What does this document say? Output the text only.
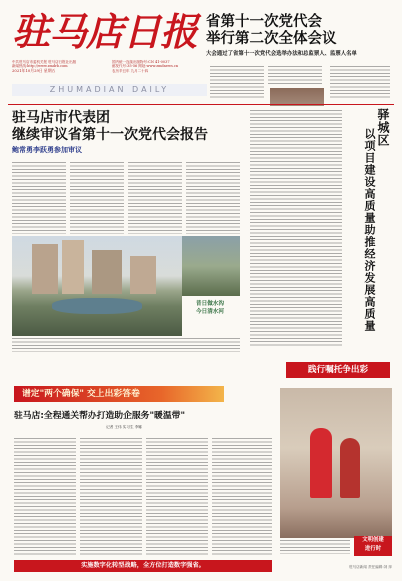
驻马店日报
中共驻马店市委机关报 驻马店日报社出版	国内统一连续出版物号:CN 41-0037
新闻热线:http://www.zmdrb.com	邮发代号:35-56 网址:www.zmdnews.cn
2021年10月29日 星期五	农历辛丑年 九月二十四
ZHUMADIAN DAILY
省第十一次党代会
举行第二次全体会议
大会通过了省第十一次党代会选举办法和总监票人、监票人名单
驻马店市代表团
继续审议省第十一次党代会报告
鲍常勇李跃勇参加审议
昔日做水沟
今日清水河
驿城区
以项目建设高质量助推经济发展高质量
践行嘱托争出彩
谱定"两个确保" 交上出彩答卷
驻马店:全程通关帮办打造助企服务"暖温带"
记者 王伟 实习生 李娜
文明创建
进行时
实施数字化转型战略，全方位打造数字强省。	驻马店新闻 责任编辑:刘 萍
